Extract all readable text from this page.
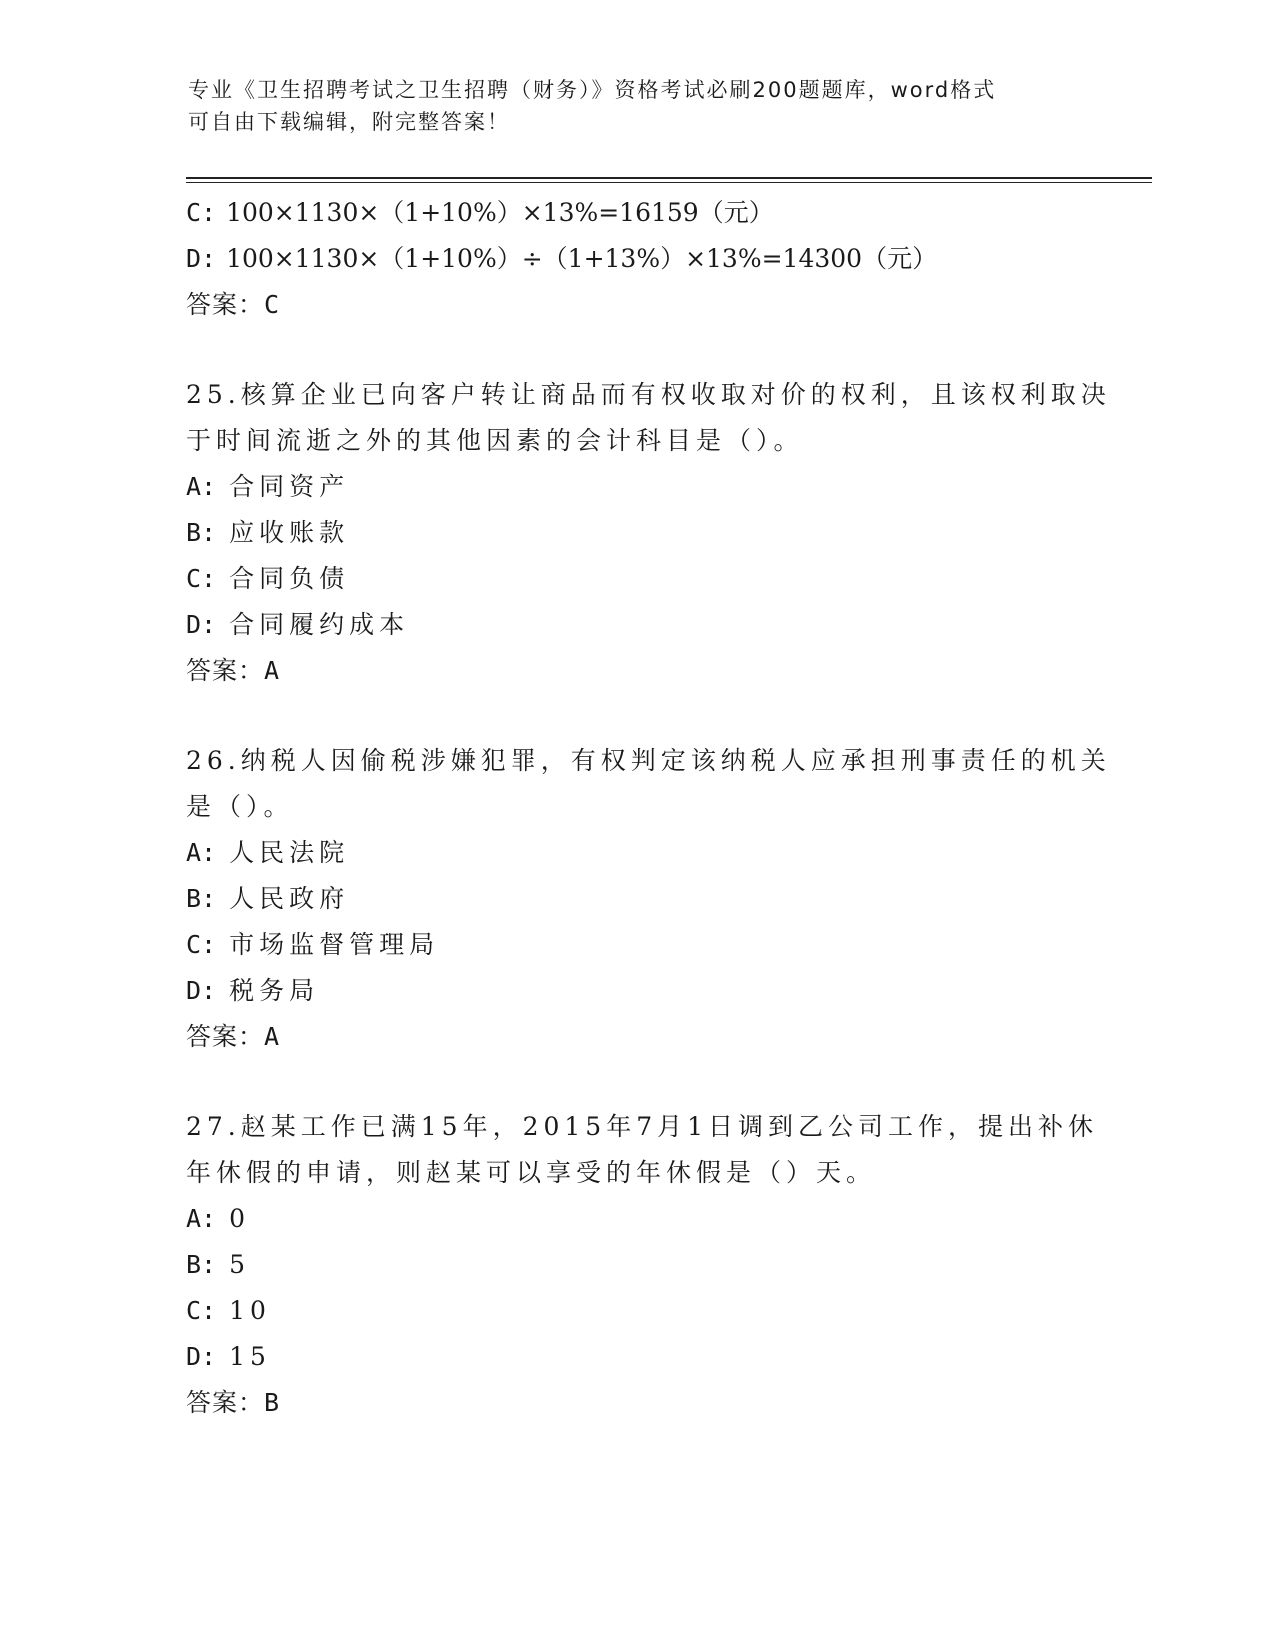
专业《卫生招聘考试之卫生招聘（财务）》资格考试必刷200题题库，word格式
可自由下载编辑，附完整答案！
C: 100×1130×（1+10%）×13%=16159（元）
D: 100×1130×（1+10%）÷（1+13%）×13%=14300（元）
答案：C
25.核算企业已向客户转让商品而有权收取对价的权利，且该权利取决
于时间流逝之外的其他因素的会计科目是（）。
A: 合同资产
B: 应收账款
C: 合同负债
D: 合同履约成本
答案：A
26.纳税人因偷税涉嫌犯罪，有权判定该纳税人应承担刑事责任的机关
是（）。
A: 人民法院
B: 人民政府
C: 市场监督管理局
D: 税务局
答案：A
27.赵某工作已满15年，2015年7月1日调到乙公司工作，提出补休
年休假的申请，则赵某可以享受的年休假是（）天。
A: 0
B: 5
C: 10
D: 15
答案：B
